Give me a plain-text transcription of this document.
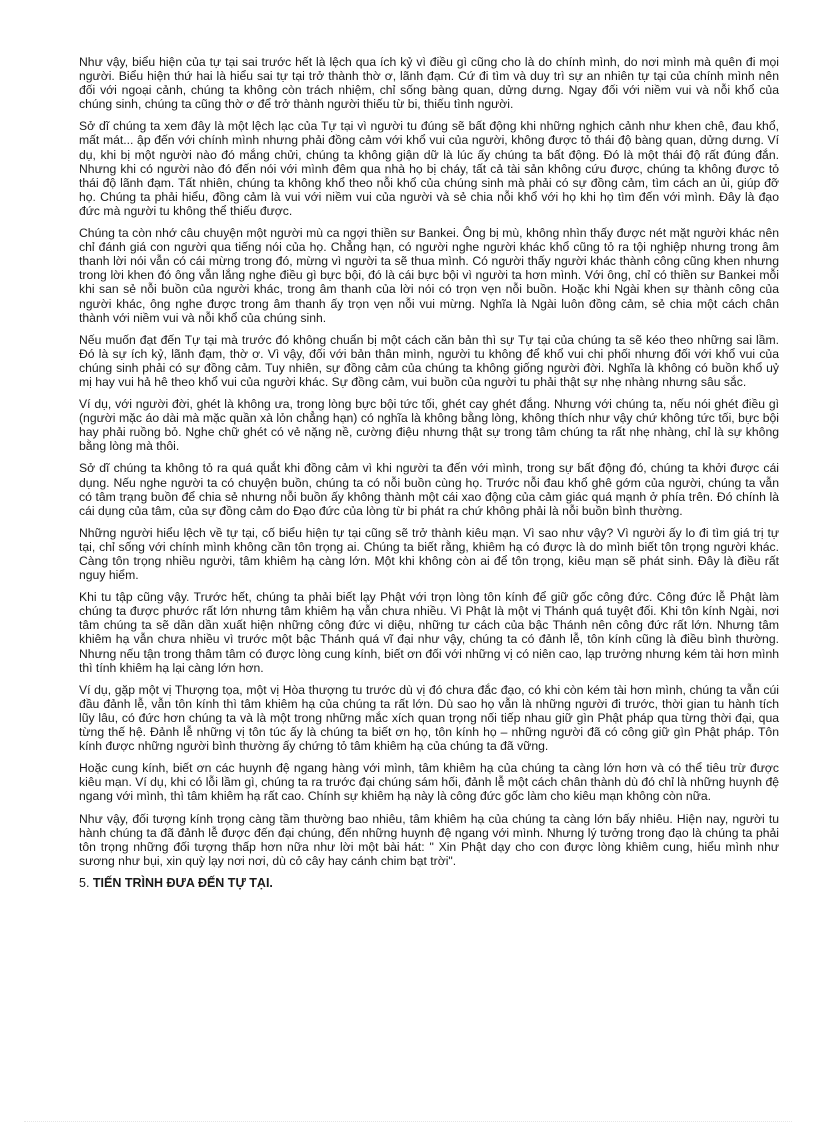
Như vậy, biểu hiện của tự tại sai trước hết là lệch qua ích kỷ vì điều gì cũng cho là do chính mình, do nơi mình mà quên đi mọi người. Biểu hiện thứ hai là hiểu sai tự tại trở thành thờ ơ, lãnh đạm. Cứ đi tìm và duy trì sự an nhiên tự tại của chính mình nên đối với ngoại cảnh, chúng ta không còn trách nhiệm, chỉ sống bàng quan, dửng dưng. Ngay đối với niềm vui và nỗi khổ của chúng sinh, chúng ta cũng thờ ơ để trở thành người thiếu từ bi, thiếu tình người.

Sở dĩ chúng ta xem đây là một lệch lạc của Tự tại vì người tu đúng sẽ bất động khi những nghịch cảnh như khen chê, đau khổ, mất mát... ập đến với chính mình nhưng phải đồng cảm với khổ vui của người, không được tỏ thái độ bàng quan, dửng dưng. Ví dụ, khi bị một người nào đó mắng chửi, chúng ta không giận dữ là lúc ấy chúng ta bất động. Đó là một thái độ rất đúng đắn. Nhưng khi có người nào đó đến nói với mình đêm qua nhà họ bị cháy, tất cả tài sản không cứu được, chúng ta không được tỏ thái độ lãnh đạm. Tất nhiên, chúng ta không khổ theo nỗi khổ của chúng sinh mà phải có sự đồng cảm, tìm cách an ủi, giúp đỡ họ. Chúng ta phải hiểu, đồng cảm là vui với niềm vui của người và sẻ chia nỗi khổ với họ khi họ tìm đến với mình. Đây là đạo đức mà người tu không thể thiếu được.

Chúng ta còn nhớ câu chuyện một người mù ca ngợi thiền sư Bankei. Ông bị mù, không nhìn thấy được nét mặt người khác nên chỉ đánh giá con người qua tiếng nói của họ. Chẳng hạn, có người nghe người khác khổ cũng tỏ ra tội nghiệp nhưng trong âm thanh lời nói vẫn có cái mừng trong đó, mừng vì người ta sẽ thua mình. Có người thấy người khác thành công cũng khen nhưng trong lời khen đó ông vẫn lắng nghe điều gì bực bội, đó là cái bực bội vì người ta hơn mình. Với ông, chỉ có thiền sư Bankei mỗi khi san sẻ nỗi buồn của người khác, trong âm thanh của lời nói có trọn vẹn nỗi buồn. Hoặc khi Ngài khen sự thành công của người khác, ông nghe được trong âm thanh ấy trọn vẹn nỗi vui mừng. Nghĩa là Ngài luôn đồng cảm, sẻ chia một cách chân thành với niềm vui và nỗi khổ của chúng sinh.

Nếu muốn đạt đến Tự tại mà trước đó không chuẩn bị một cách căn bản thì sự Tự tại của chúng ta sẽ kéo theo những sai lầm. Đó là sự ích kỷ, lãnh đạm, thờ ơ. Vì vậy, đối với bản thân mình, người tu không để khổ vui chi phối nhưng đối với khổ vui của chúng sinh phải có sự đồng cảm. Tuy nhiên, sự đồng cảm của chúng ta không giống người đời. Nghĩa là không có buồn khổ uỷ mị hay vui hả hê theo khổ vui của người khác. Sự đồng cảm, vui buồn của người tu phải thật sự nhẹ nhàng nhưng sâu sắc.

Ví dụ, với người đời, ghét là không ưa, trong lòng bực bội tức tối, ghét cay ghét đắng. Nhưng với chúng ta, nếu nói ghét điều gì (người mặc áo dài mà mặc quần xà lỏn chẳng hạn) có nghĩa là không bằng lòng, không thích như vậy chứ không tức tối, bực bội hay phải ruồng bỏ. Nghe chữ ghét có vẻ nặng nề, cường điệu nhưng thật sự trong tâm chúng ta rất nhẹ nhàng, chỉ là sự không bằng lòng mà thôi.

Sở dĩ chúng ta không tỏ ra quá quắt khi đồng cảm vì khi người ta đến với mình, trong sự bất động đó, chúng ta khởi được cái dụng. Nếu nghe người ta có chuyện buồn, chúng ta có nỗi buồn cùng họ. Trước nỗi đau khổ ghê gớm của người, chúng ta vẫn có tâm trạng buồn để chia sẻ nhưng nỗi buồn ấy không thành một cái xao động của cảm giác quá mạnh ở phía trên. Đó chính là cái dụng của tâm, của sự đồng cảm do Đạo đức của lòng từ bi phát ra chứ không phải là nỗi buồn bình thường.

Những người hiểu lệch về tự tại, cố biểu hiện tự tại cũng sẽ trở thành kiêu mạn. Vì sao như vậy? Vì người ấy lo đi tìm giá trị tự tại, chỉ sống với chính mình không cần tôn trọng ai. Chúng ta biết rằng, khiêm hạ có được là do mình biết tôn trọng người khác. Càng tôn trọng nhiều người, tâm khiêm hạ càng lớn. Một khi không còn ai để tôn trọng, kiêu mạn sẽ phát sinh. Đây là điều rất nguy hiểm.

Khi tu tập cũng vậy. Trước hết, chúng ta phải biết lạy Phật với trọn lòng tôn kính để giữ gốc công đức. Công đức lễ Phật làm chúng ta được phước rất lớn nhưng tâm khiêm hạ vẫn chưa nhiều. Vì Phật là một vị Thánh quá tuyệt đối. Khi tôn kính Ngài, nơi tâm chúng ta sẽ dần dần xuất hiện những công đức vi diệu, những tư cách của bậc Thánh nên công đức rất lớn. Nhưng tâm khiêm hạ vẫn chưa nhiều vì trước một bậc Thánh quá vĩ đại như vậy, chúng ta có đảnh lễ, tôn kính cũng là điều bình thường. Nhưng nếu tận trong thâm tâm có được lòng cung kính, biết ơn đối với những vị có niên cao, lạp trưởng nhưng kém tài hơn mình thì tính khiêm hạ lại càng lớn hơn.

Ví dụ, gặp một vị Thượng tọa, một vị Hòa thượng tu trước dù vị đó chưa đắc đạo, có khi còn kém tài hơn mình, chúng ta vẫn cúi đầu đảnh lễ, vẫn tôn kính thì tâm khiêm hạ của chúng ta rất lớn. Dù sao họ vẫn là những người đi trước, thời gian tu hành tích lũy lâu, có đức hơn chúng ta và là một trong những mắc xích quan trọng nối tiếp nhau giữ gìn Phật pháp qua từng thời đại, qua từng thế hệ. Đảnh lễ những vị tôn túc ấy là chúng ta biết ơn họ, tôn kính họ – những người đã có công giữ gìn Phật pháp. Tôn kính được những người bình thường ấy chứng tỏ tâm khiêm hạ của chúng ta đã vững.

Hoặc cung kính, biết ơn các huynh đệ ngang hàng với mình, tâm khiêm hạ của chúng ta càng lớn hơn và có thể tiêu trừ được kiêu mạn. Ví dụ, khi có lỗi lầm gì, chúng ta ra trước đại chúng sám hối, đảnh lễ một cách chân thành dù đó chỉ là những huynh đệ ngang với mình, thì tâm khiêm hạ rất cao. Chính sự khiêm hạ này là công đức gốc làm cho kiêu mạn không còn nữa.

Như vậy, đối tượng kính trọng càng tầm thường bao nhiêu, tâm khiêm hạ của chúng ta càng lớn bấy nhiêu. Hiện nay, người tu hành chúng ta đã đảnh lễ được đến đại chúng, đến những huynh đệ ngang với mình. Nhưng lý tưởng trong đạo là chúng ta phải tôn trọng những đối tượng thấp hơn nữa như lời một bài hát: " Xin Phật dạy cho con được lòng khiêm cung, hiểu mình như sương như bụi, xin quỳ lạy nơi nơi, dù cỏ cây hay cánh chim bạt trời".

5. TIẾN TRÌNH ĐƯA ĐẾN TỰ TẠI.
